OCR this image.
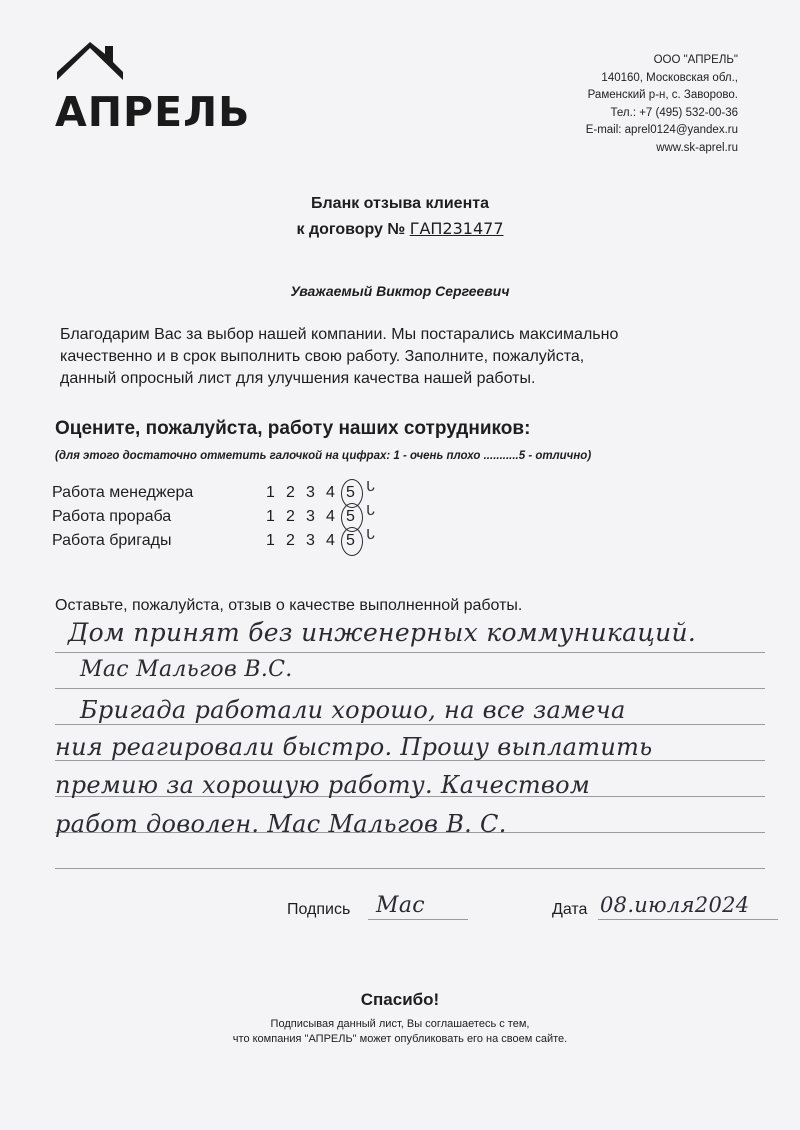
АПРЕЛЬ
ООО "АПРЕЛЬ"
140160, Московская обл.,
Раменский р-н, с. Заворово.
Тел.: +7 (495) 532-00-36
E-mail: aprel0124@yandex.ru
www.sk-aprel.ru
Бланк отзыва клиента
к договору № ГАП231477
Уважаемый Виктор Сергеевич
Благодарим Вас за выбор нашей компании. Мы постарались максимально
качественно и в срок выполнить свою работу. Заполните, пожалуйста,
данный опросный лист для улучшения качества нашей работы.
Оцените, пожалуйста, работу наших сотрудников:
(для этого достаточно отметить галочкой на цифрах: 1 - очень плохо ...........5 - отлично)
Работа менеджера	1 2 3 4 5 ᒐ
Работа прораба	1 2 3 4 5 ᒐ
Работа бригады	1 2 3 4 5 ᒐ
Оставьте, пожалуйста, отзыв о качестве выполненной работы.
Дом принят без инженерных коммуникаций.
Мас Мальгов В.С.
Бригада работали хорошо, на все замеча
ния реагировали быстро. Прошу выплатить
премию за хорошую работу. Качеством
работ доволен. Мас Мальгов В. С.
Подпись Мас	Дата 08.июля2024
Спасибо!
Подписывая данный лист, Вы соглашаетесь с тем,
что компания "АПРЕЛЬ" может опубликовать его на своем сайте.
